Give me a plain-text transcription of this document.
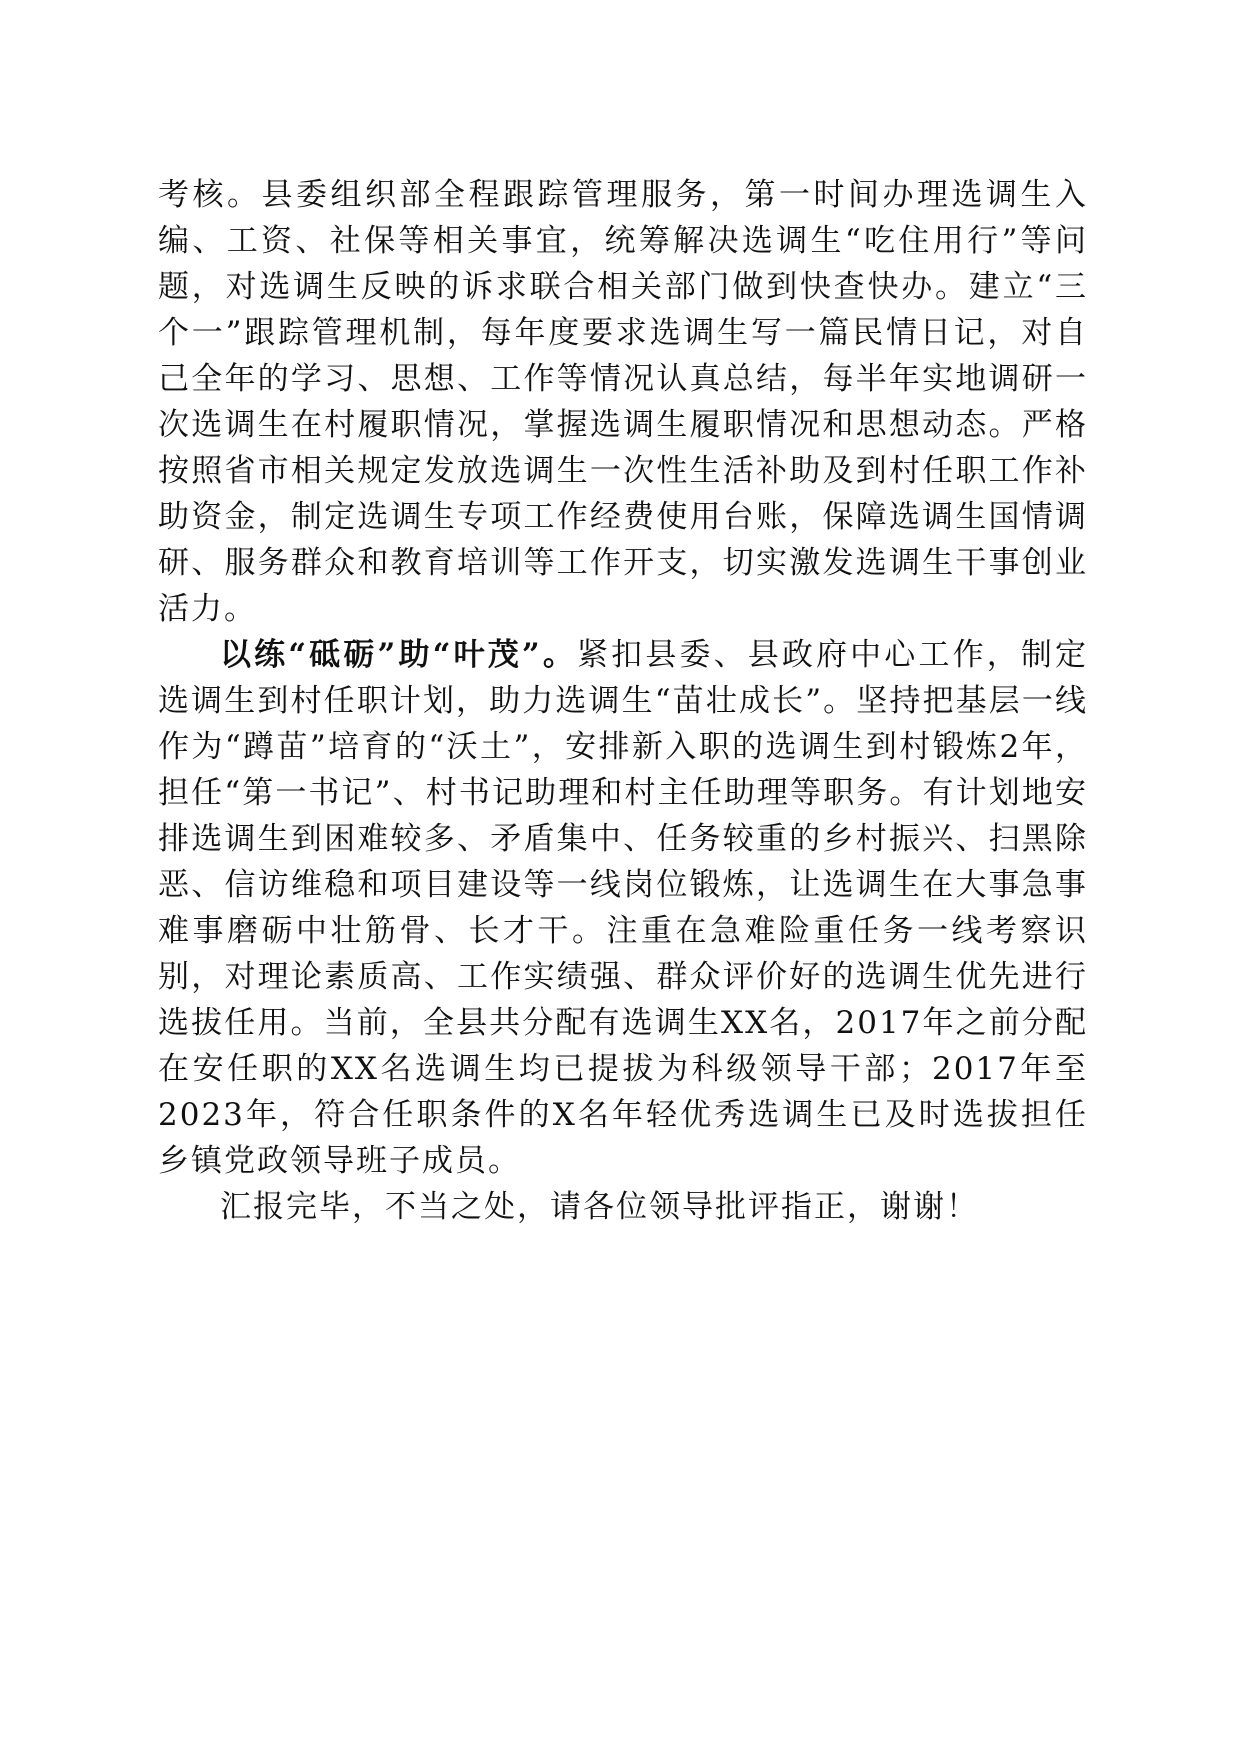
考核。县委组织部全程跟踪管理服务，第一时间办理选调生入编、工资、社保等相关事宜，统筹解决选调生“吃住用行”等问题，对选调生反映的诉求联合相关部门做到快查快办。建立“三个一”跟踪管理机制，每年度要求选调生写一篇民情日记，对自己全年的学习、思想、工作等情况认真总结，每半年实地调研一次选调生在村履职情况，掌握选调生履职情况和思想动态。严格按照省市相关规定发放选调生一次性生活补助及到村任职工作补助资金，制定选调生专项工作经费使用台账，保障选调生国情调研、服务群众和教育培训等工作开支，切实激发选调生干事创业活力。

以练“砥砺”助“叶茂”。紧扣县委、县政府中心工作，制定选调生到村任职计划，助力选调生“苗壮成长”。坚持把基层一线作为“蹲苗”培育的“沃土”，安排新入职的选调生到村锻炼2年，担任“第一书记”、村书记助理和村主任助理等职务。有计划地安排选调生到困难较多、矛盾集中、任务较重的乡村振兴、扫黑除恶、信访维稳和项目建设等一线岗位锻炼，让选调生在大事急事难事磨砺中壮筋骨、长才干。注重在急难险重任务一线考察识别，对理论素质高、工作实绩强、群众评价好的选调生优先进行选拔任用。当前，全县共分配有选调生XX名，2017年之前分配在安任职的XX名选调生均已提拔为科级领导干部；2017年至2023年，符合任职条件的X名年轻优秀选调生已及时选拔担任乡镇党政领导班子成员。

汇报完毕，不当之处，请各位领导批评指正，谢谢！
